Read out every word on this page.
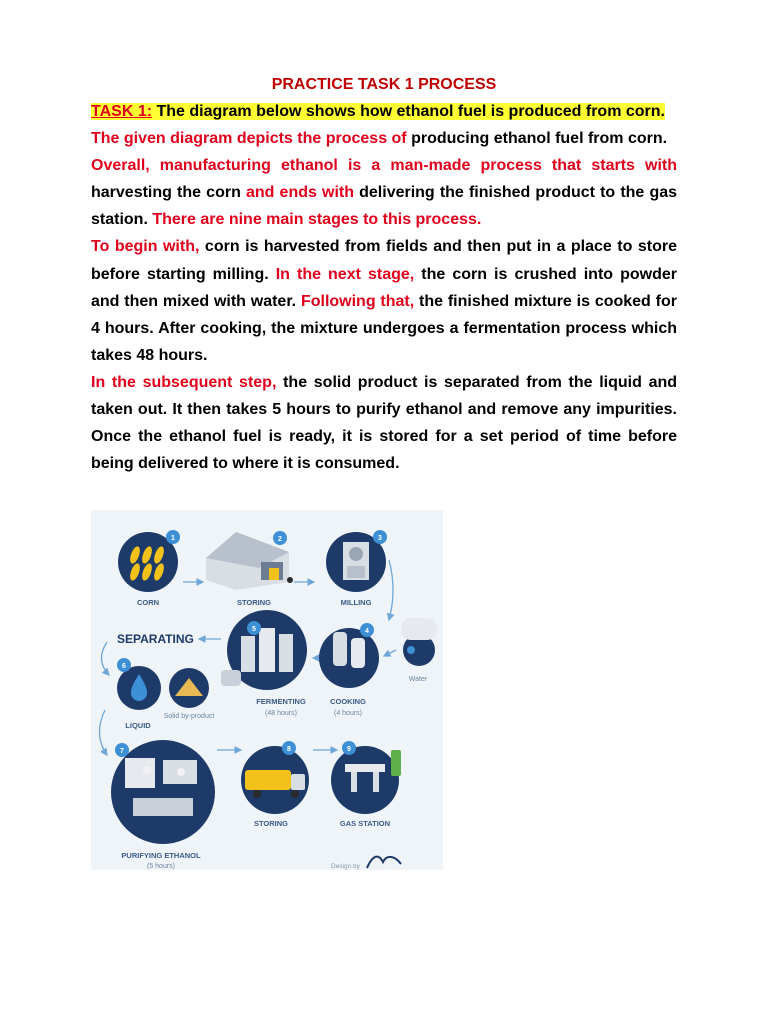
PRACTICE TASK 1 PROCESS

TASK 1: The diagram below shows how ethanol fuel is produced from corn.

The given diagram depicts the process of producing ethanol fuel from corn.

Overall, manufacturing ethanol is a man-made process that starts with harvesting the corn and ends with delivering the finished product to the gas station. There are nine main stages to this process.

To begin with, corn is harvested from fields and then put in a place to store before starting milling. In the next stage, the corn is crushed into powder and then mixed with water. Following that, the finished mixture is cooked for 4 hours. After cooking, the mixture undergoes a fermentation process which takes 48 hours.

In the subsequent step, the solid product is separated from the liquid and taken out. It then takes 5 hours to purify ethanol and remove any impurities. Once the ethanol fuel is ready, it is stored for a set period of time before being delivered to where it is consumed.

1
CORN
2
STORING
3
MILLING
Water
4
COOKING
(4 hours)
5
FERMENTING
(48 hours)
SEPARATING
6
LIQUID
Solid by-product
7
PURIFYING ETHANOL
(5 hours)
8
STORING
9
GAS STATION
Design by
